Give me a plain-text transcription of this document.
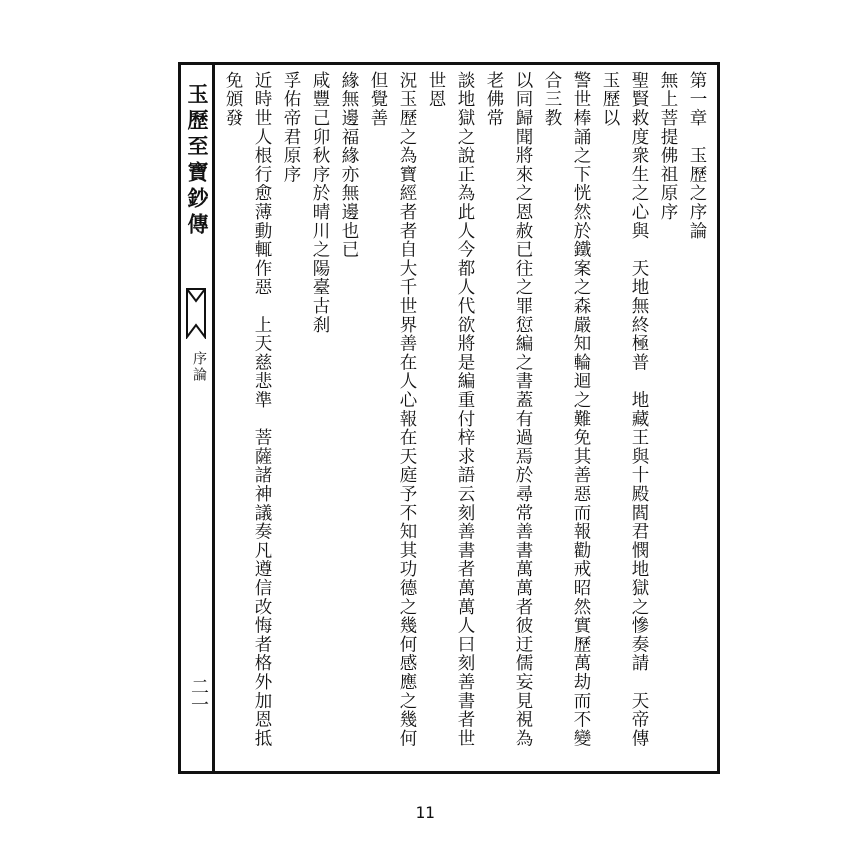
玉歷至寶鈔傳
序論
二一

第一章　玉歷之序論

無上菩提佛祖原序

聖賢救度衆生之心與　天地無終極普　地藏王與十殿閻君憫地獄之慘奏請　天帝傳玉歷以

警世棒誦之下恍然於鐵案之森嚴知輪迴之難免其善惡而報勸戒昭然實歷萬劫而不變合三教

以同歸聞將來之恩赦已往之罪愆編之書蓋有過焉於尋常善書萬萬者彼迂儒妄見視為老佛常

談地獄之說正為此人今都人代欲將是編重付梓求語云刻善書者萬萬人曰刻善書者世世恩

況玉歷之為寶經者者自大千世界善在人心報在天庭予不知其功德之幾何感應之幾何但覺善

緣無邊福緣亦無邊也已

咸豐己卯秋序於晴川之陽臺古刹

孚佑帝君原序

近時世人根行愈薄動輒作惡　上天慈悲準　菩薩諸神議奏凡遵信改悔者格外加恩抵免頒發

11
